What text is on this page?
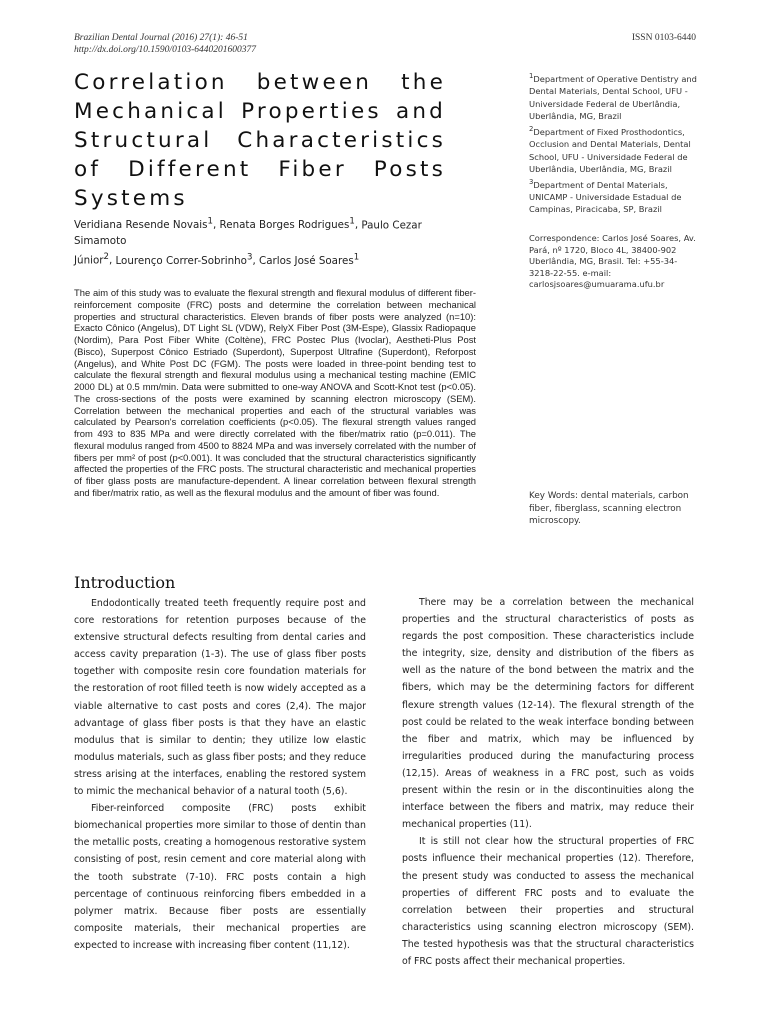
Brazilian Dental Journal (2016) 27(1): 46-51
http://dx.doi.org/10.1590/0103-6440201600377
ISSN 0103-6440
Correlation between the Mechanical Properties and Structural Characteristics of Different Fiber Posts Systems
$^1$Department of Operative Dentistry and Dental Materials, Dental School, UFU - Universidade Federal de Uberlândia, Uberlândia, MG, Brazil
$^2$Department of Fixed Prosthodontics, Occlusion and Dental Materials, Dental School, UFU - Universidade Federal de Uberlândia, Uberlândia, MG, Brazil
$^3$Department of Dental Materials, UNICAMP - Universidade Estadual de Campinas, Piracicaba, SP, Brazil
Veridiana Resende Novais$^1$, Renata Borges Rodrigues$^1$, Paulo Cezar Simamoto
Júnior$^2$, Lourenço Correr-Sobrinho$^3$, Carlos José Soares$^1$
Correspondence: Carlos José Soares, Av. Pará, nº 1720, Bloco 4L, 38400-902 Uberlândia, MG, Brasil. Tel: +55-34-3218-22-55. e-mail: carlosjsoares@umuarama.ufu.br
The aim of this study was to evaluate the flexural strength and flexural modulus of different fiber-reinforcement composite (FRC) posts and determine the correlation between mechanical properties and structural characteristics. Eleven brands of fiber posts were analyzed (n=10): Exacto Cônico (Angelus), DT Light SL (VDW), RelyX Fiber Post (3M-Espe), Glassix Radiopaque (Nordim), Para Post Fiber White (Coltène), FRC Postec Plus (Ivoclar), Aestheti-Plus Post (Bisco), Superpost Cônico Estriado (Superdont), Superpost Ultrafine (Superdont), Reforpost (Angelus), and White Post DC (FGM). The posts were loaded in three-point bending test to calculate the flexural strength and flexural modulus using a mechanical testing machine (EMIC 2000 DL) at 0.5 mm/min. Data were submitted to one-way ANOVA and Scott-Knot test (p<0.05). The cross-sections of the posts were examined by scanning electron microscopy (SEM). Correlation between the mechanical properties and each of the structural variables was calculated by Pearson's correlation coefficients (p<0.05). The flexural strength values ranged from 493 to 835 MPa and were directly correlated with the fiber/matrix ratio (p=0.011). The flexural modulus ranged from 4500 to 8824 MPa and was inversely correlated with the number of fibers per mm² of post (p<0.001). It was concluded that the structural characteristics significantly affected the properties of the FRC posts. The structural characteristic and mechanical properties of fiber glass posts are manufacture-dependent. A linear correlation between flexural strength and fiber/matrix ratio, as well as the flexural modulus and the amount of fiber was found.	Key Words: dental materials, carbon fiber, fiberglass, scanning electron microscopy.
Introduction

Endodontically treated teeth frequently require post and core restorations for retention purposes because of the extensive structural defects resulting from dental caries and access cavity preparation (1-3). The use of glass fiber posts together with composite resin core foundation materials for the restoration of root filled teeth is now widely accepted as a viable alternative to cast posts and cores (2,4). The major advantage of glass fiber posts is that they have an elastic modulus that is similar to dentin; they utilize low elastic modulus materials, such as glass fiber posts; and they reduce stress arising at the interfaces, enabling the restored system to mimic the mechanical behavior of a natural tooth (5,6).

Fiber-reinforced composite (FRC) posts exhibit biomechanical properties more similar to those of dentin than the metallic posts, creating a homogenous restorative system consisting of post, resin cement and core material along with the tooth substrate (7-10). FRC posts contain a high percentage of continuous reinforcing fibers embedded in a polymer matrix. Because fiber posts are essentially composite materials, their mechanical properties are expected to increase with increasing fiber content (11,12).

There may be a correlation between the mechanical properties and the structural characteristics of posts as regards the post composition. These characteristics include the integrity, size, density and distribution of the fibers as well as the nature of the bond between the matrix and the fibers, which may be the determining factors for different flexure strength values (12-14). The flexural strength of the post could be related to the weak interface bonding between the fiber and matrix, which may be influenced by irregularities produced during the manufacturing process (12,15). Areas of weakness in a FRC post, such as voids present within the resin or in the discontinuities along the interface between the fibers and matrix, may reduce their mechanical properties (11).

It is still not clear how the structural properties of FRC posts influence their mechanical properties (12). Therefore, the present study was conducted to assess the mechanical properties of different FRC posts and to evaluate the correlation between their properties and structural characteristics using scanning electron microscopy (SEM). The tested hypothesis was that the structural characteristics of FRC posts affect their mechanical properties.
